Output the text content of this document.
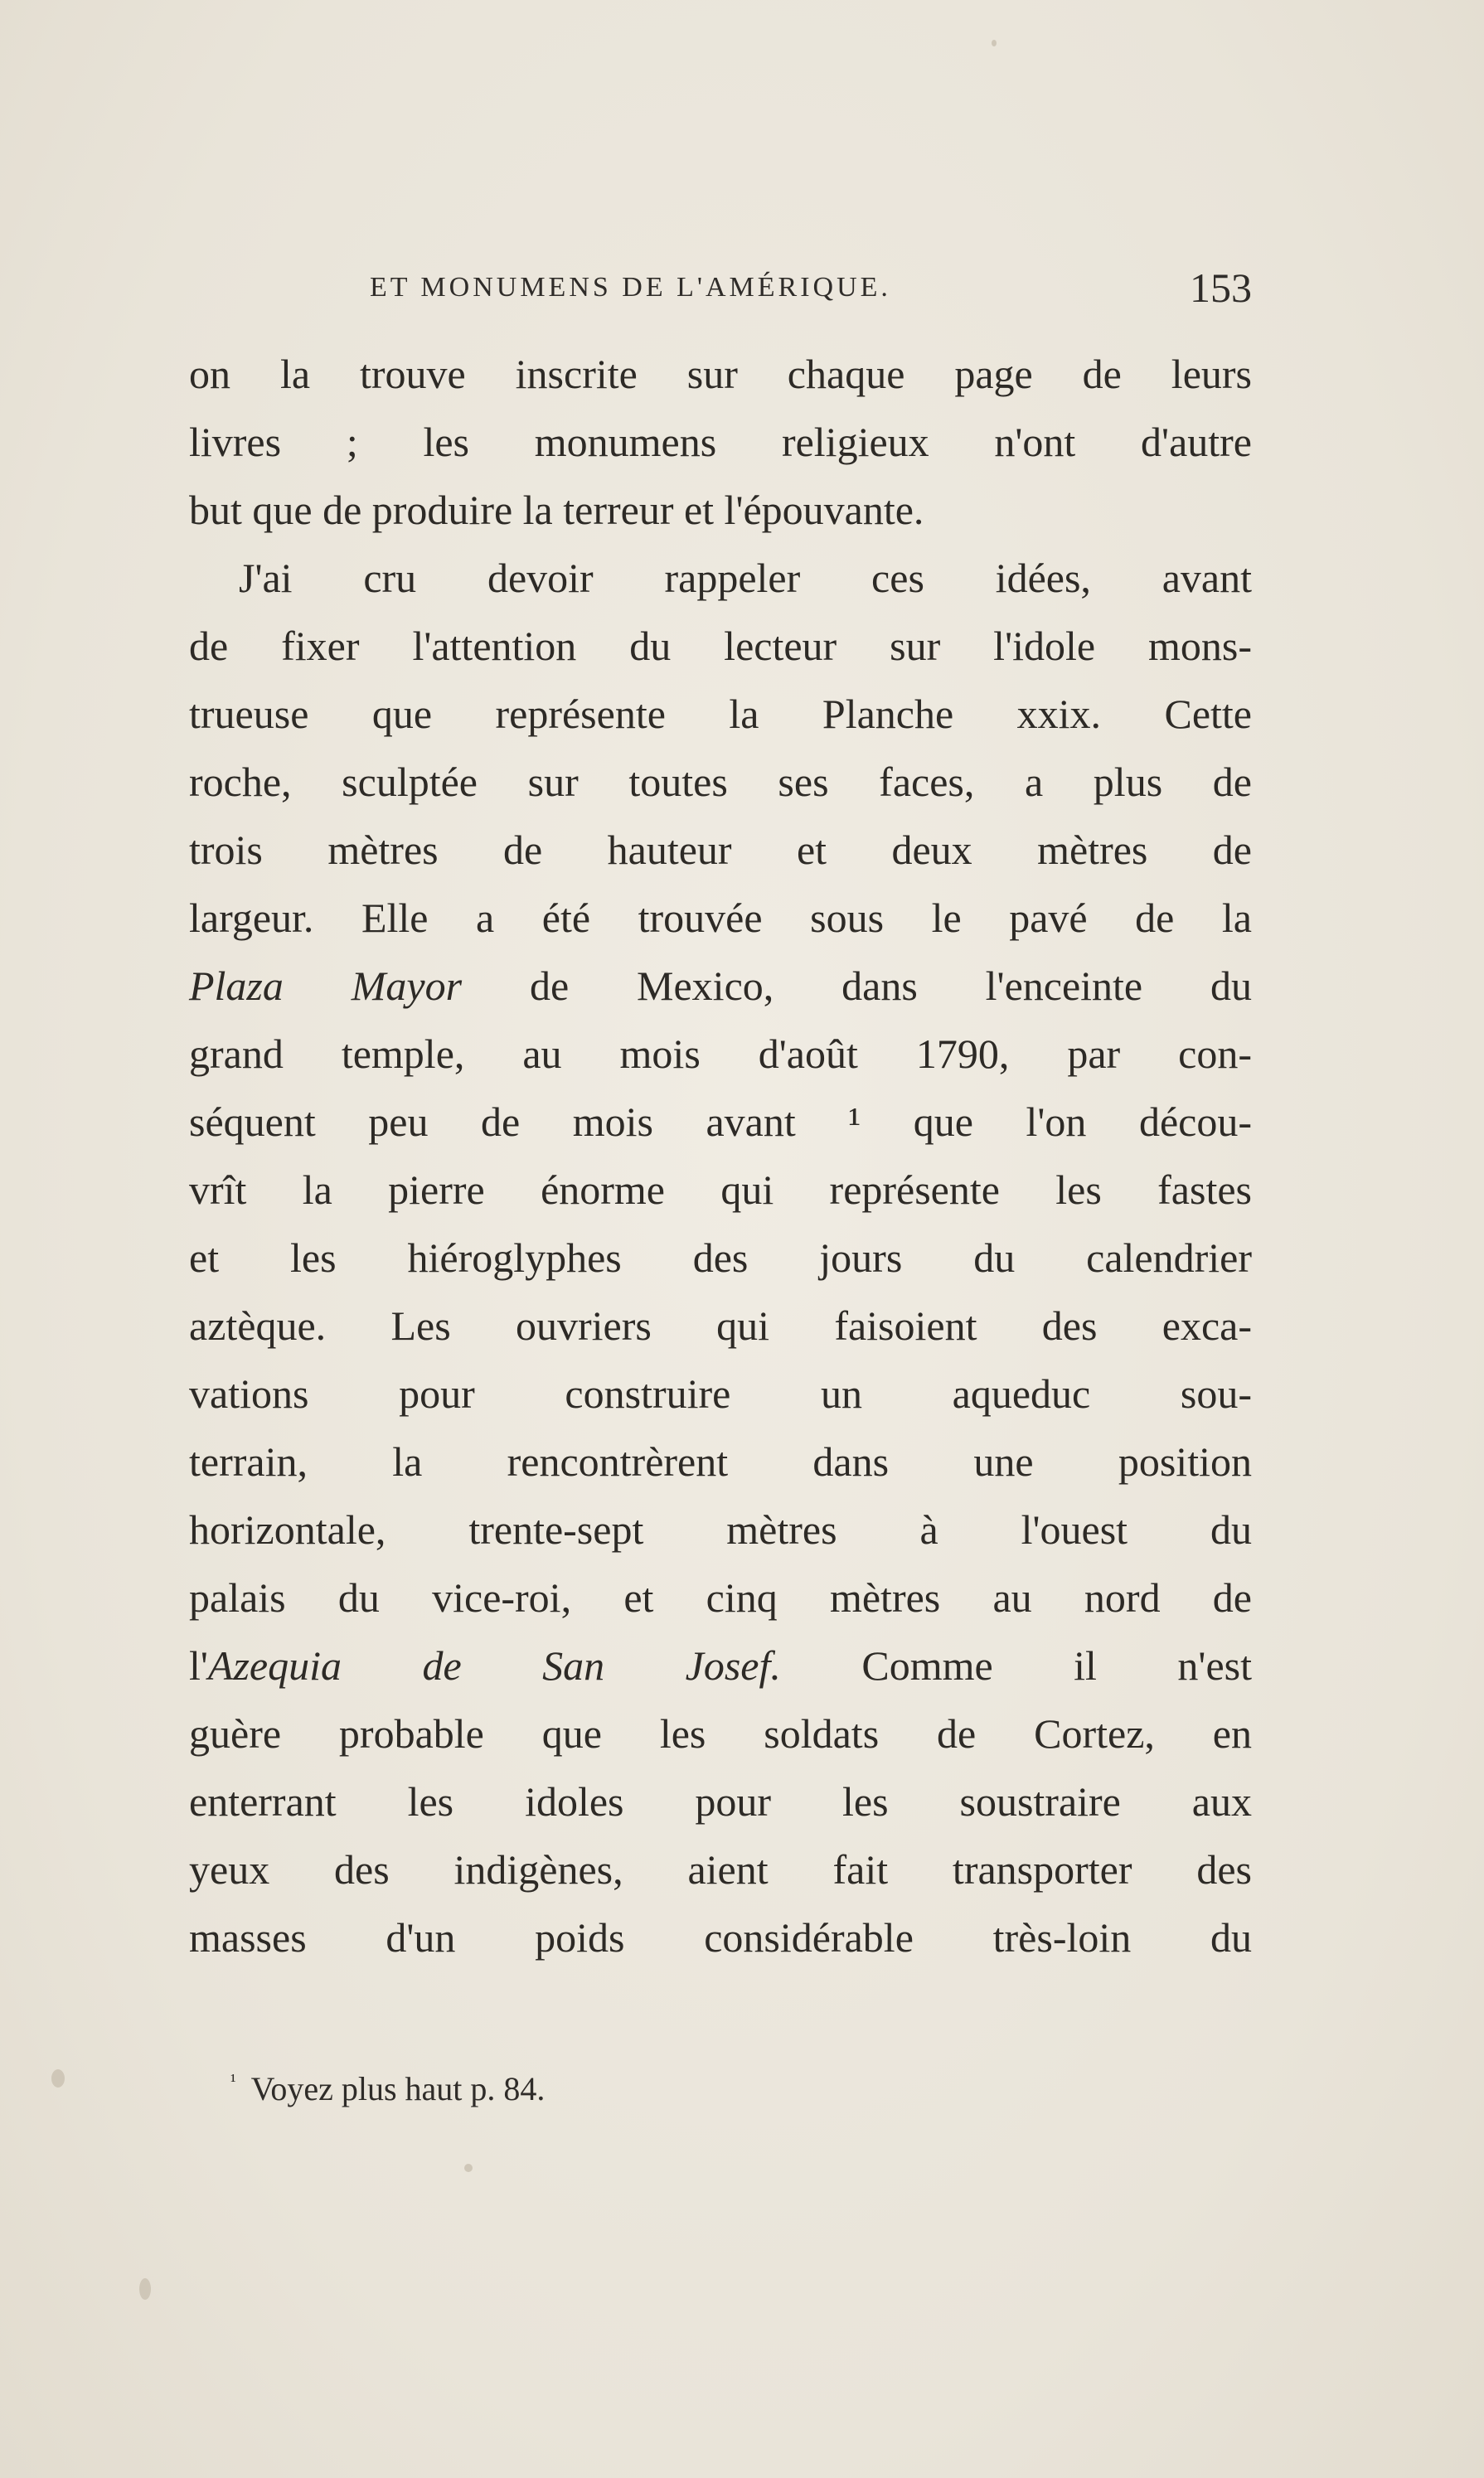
ET MONUMENS DE L'AMÉRIQUE.	153
on la trouve inscrite sur chaque page de leurs
livres ; les monumens religieux n'ont d'autre
but que de produire la terreur et l'épouvante.
J'ai cru devoir rappeler ces idées, avant
de fixer l'attention du lecteur sur l'idole mons-
trueuse que représente la Planche xxix. Cette
roche, sculptée sur toutes ses faces, a plus de
trois mètres de hauteur et deux mètres de
largeur. Elle a été trouvée sous le pavé de la
Plaza Mayor de Mexico, dans l'enceinte du
grand temple, au mois d'août 1790, par con-
séquent peu de mois avant ¹ que l'on décou-
vrît la pierre énorme qui représente les fastes
et les hiéroglyphes des jours du calendrier
aztèque. Les ouvriers qui faisoient des exca-
vations pour construire un aqueduc sou-
terrain, la rencontrèrent dans une position
horizontale, trente-sept mètres à l'ouest du
palais du vice-roi, et cinq mètres au nord de
l'Azequia de San Josef. Comme il n'est
guère probable que les soldats de Cortez, en
enterrant les idoles pour les soustraire aux
yeux des indigènes, aient fait transporter des
masses d'un poids considérable très-loin du
$^{^1}$ Voyez plus haut p. 84.
